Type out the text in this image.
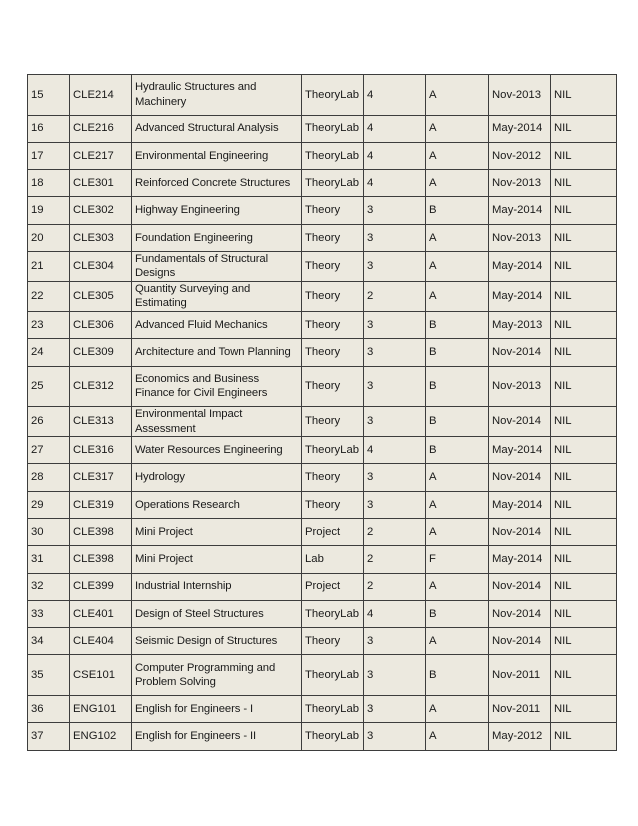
15	CLE214	Hydraulic Structures and Machinery	TheoryLab	4	A	Nov-2013	NIL
16	CLE216	Advanced Structural Analysis	TheoryLab	4	A	May-2014	NIL
17	CLE217	Environmental Engineering	TheoryLab	4	A	Nov-2012	NIL
18	CLE301	Reinforced Concrete Structures	TheoryLab	4	A	Nov-2013	NIL
19	CLE302	Highway Engineering	Theory	3	B	May-2014	NIL
20	CLE303	Foundation Engineering	Theory	3	A	Nov-2013	NIL
21	CLE304	Fundamentals of Structural Designs	Theory	3	A	May-2014	NIL
22	CLE305	Quantity Surveying and Estimating	Theory	2	A	May-2014	NIL
23	CLE306	Advanced Fluid Mechanics	Theory	3	B	May-2013	NIL
24	CLE309	Architecture and Town Planning	Theory	3	B	Nov-2014	NIL
25	CLE312	Economics and Business Finance for Civil Engineers	Theory	3	B	Nov-2013	NIL
26	CLE313	Environmental Impact Assessment	Theory	3	B	Nov-2014	NIL
27	CLE316	Water Resources Engineering	TheoryLab	4	B	May-2014	NIL
28	CLE317	Hydrology	Theory	3	A	Nov-2014	NIL
29	CLE319	Operations Research	Theory	3	A	May-2014	NIL
30	CLE398	Mini Project	Project	2	A	Nov-2014	NIL
31	CLE398	Mini Project	Lab	2	F	May-2014	NIL
32	CLE399	Industrial Internship	Project	2	A	Nov-2014	NIL
33	CLE401	Design of Steel Structures	TheoryLab	4	B	Nov-2014	NIL
34	CLE404	Seismic Design of Structures	Theory	3	A	Nov-2014	NIL
35	CSE101	Computer Programming and Problem Solving	TheoryLab	3	B	Nov-2011	NIL
36	ENG101	English for Engineers - I	TheoryLab	3	A	Nov-2011	NIL
37	ENG102	English for Engineers - II	TheoryLab	3	A	May-2012	NIL
